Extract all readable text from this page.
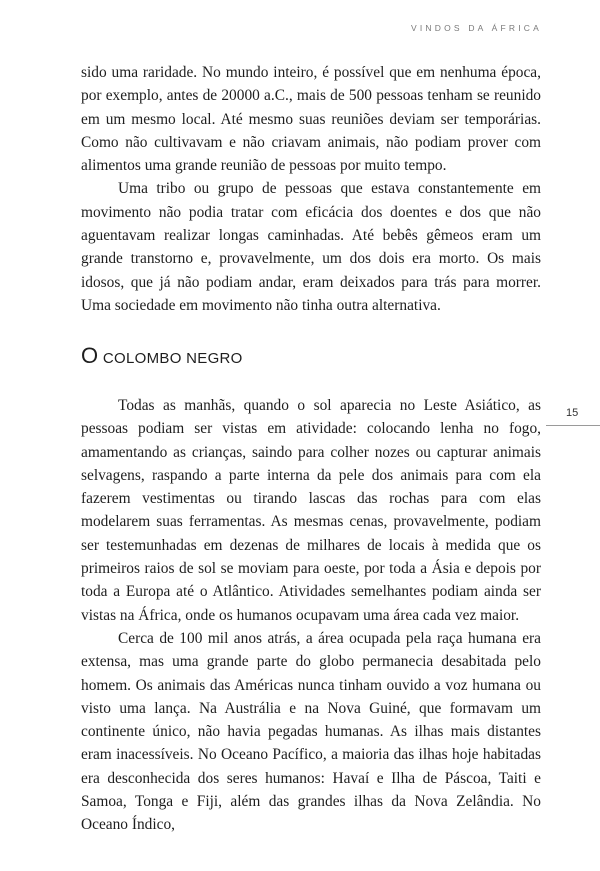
VINDOS DA ÁFRICA

sido uma raridade. No mundo inteiro, é possível que em nenhuma época, por exemplo, antes de 20000 a.C., mais de 500 pessoas tenham se reunido em um mesmo local. Até mesmo suas reuniões deviam ser temporárias. Como não cultivavam e não criavam animais, não podiam prover com alimentos uma grande reunião de pessoas por muito tempo.

Uma tribo ou grupo de pessoas que estava constantemente em movimento não podia tratar com eficácia dos doentes e dos que não aguentavam realizar longas caminhadas. Até bebês gêmeos eram um grande transtorno e, provavelmente, um dos dois era morto. Os mais idosos, que já não podiam andar, eram deixados para trás para morrer. Uma sociedade em movimento não tinha outra alternativa.

O COLOMBO NEGRO
15

Todas as manhãs, quando o sol aparecia no Leste Asiático, as pessoas podiam ser vistas em atividade: colocando lenha no fogo, amamentando as crianças, saindo para colher nozes ou capturar animais selvagens, raspando a parte interna da pele dos animais para com ela fazerem vestimentas ou tirando lascas das rochas para com elas modelarem suas ferramentas. As mesmas cenas, provavelmente, podiam ser testemunhadas em dezenas de milhares de locais à medida que os primeiros raios de sol se moviam para oeste, por toda a Ásia e depois por toda a Europa até o Atlântico. Atividades semelhantes podiam ainda ser vistas na África, onde os humanos ocupavam uma área cada vez maior.

Cerca de 100 mil anos atrás, a área ocupada pela raça humana era extensa, mas uma grande parte do globo permanecia desabitada pelo homem. Os animais das Américas nunca tinham ouvido a voz humana ou visto uma lança. Na Austrália e na Nova Guiné, que formavam um continente único, não havia pegadas humanas. As ilhas mais distantes eram inacessíveis. No Oceano Pacífico, a maioria das ilhas hoje habitadas era desconhecida dos seres humanos: Havaí e Ilha de Páscoa, Taiti e Samoa, Tonga e Fiji, além das grandes ilhas da Nova Zelândia. No Oceano Índico,
